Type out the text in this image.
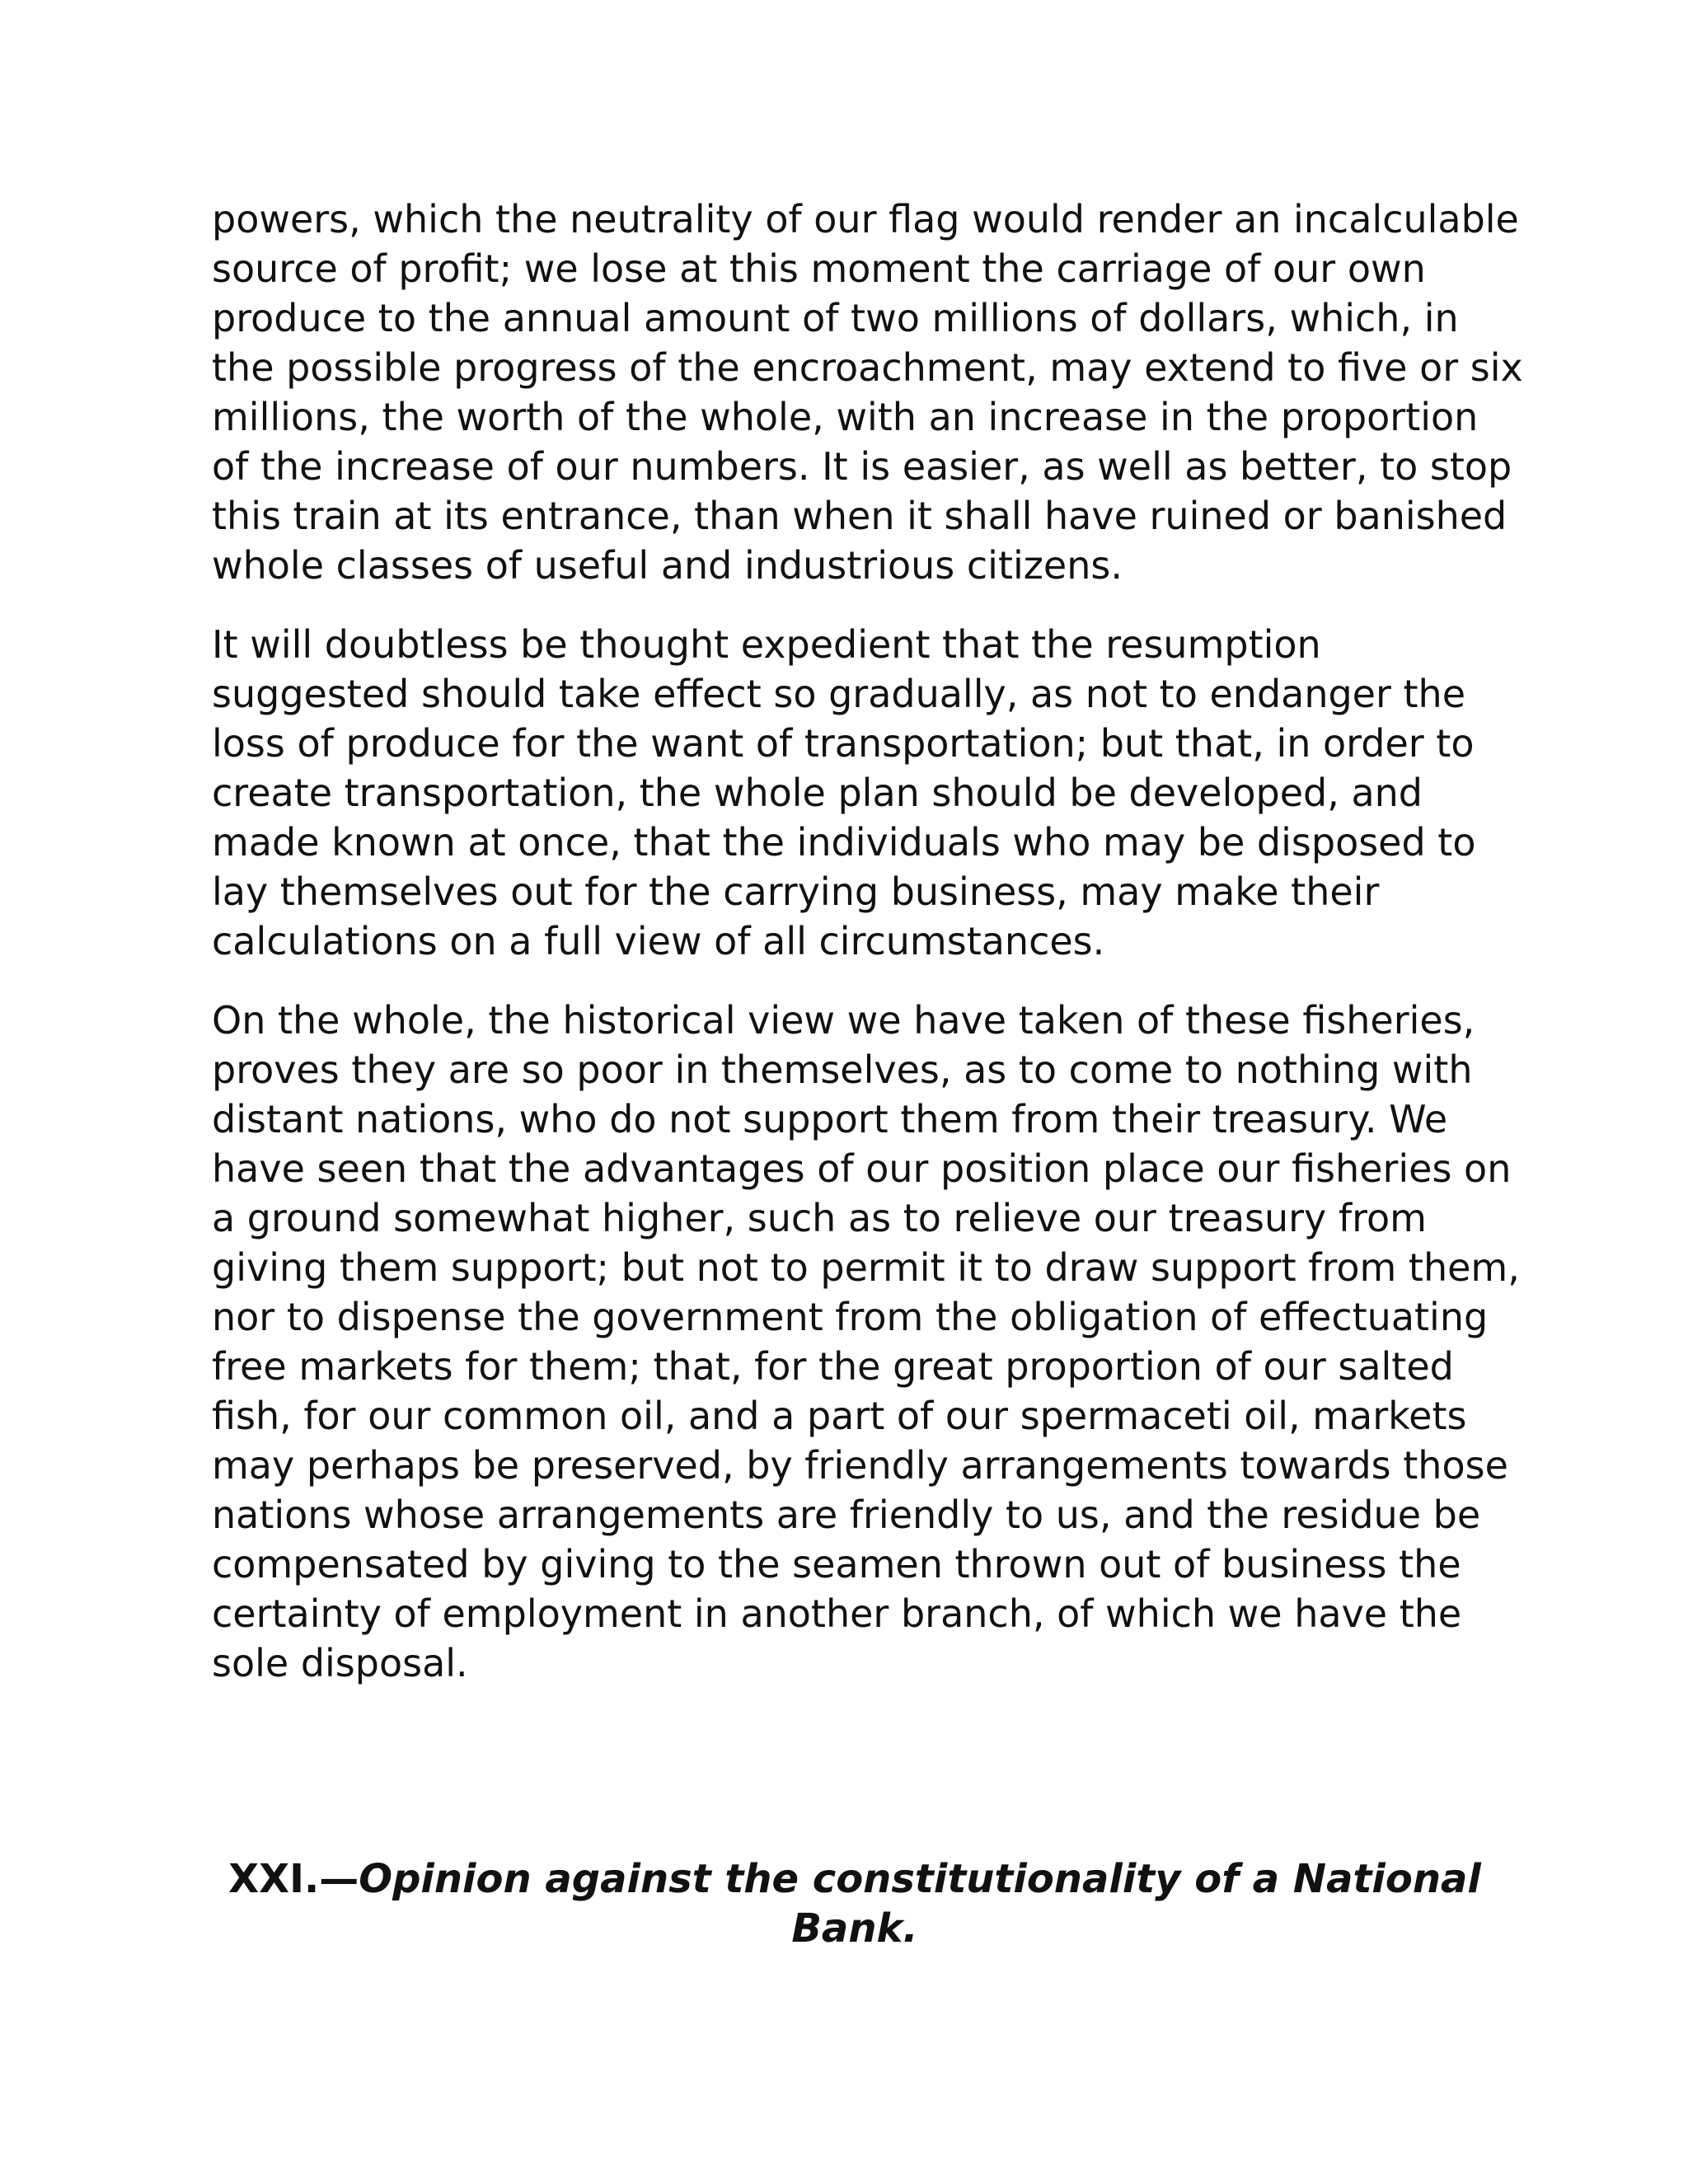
powers, which the neutrality of our flag would render an incalculable
source of profit; we lose at this moment the carriage of our own
produce to the annual amount of two millions of dollars, which, in
the possible progress of the encroachment, may extend to five or six
millions, the worth of the whole, with an increase in the proportion
of the increase of our numbers. It is easier, as well as better, to stop
this train at its entrance, than when it shall have ruined or banished
whole classes of useful and industrious citizens.

It will doubtless be thought expedient that the resumption
suggested should take effect so gradually, as not to endanger the
loss of produce for the want of transportation; but that, in order to
create transportation, the whole plan should be developed, and
made known at once, that the individuals who may be disposed to
lay themselves out for the carrying business, may make their
calculations on a full view of all circumstances.

On the whole, the historical view we have taken of these fisheries,
proves they are so poor in themselves, as to come to nothing with
distant nations, who do not support them from their treasury. We
have seen that the advantages of our position place our fisheries on
a ground somewhat higher, such as to relieve our treasury from
giving them support; but not to permit it to draw support from them,
nor to dispense the government from the obligation of effectuating
free markets for them; that, for the great proportion of our salted
fish, for our common oil, and a part of our spermaceti oil, markets
may perhaps be preserved, by friendly arrangements towards those
nations whose arrangements are friendly to us, and the residue be
compensated by giving to the seamen thrown out of business the
certainty of employment in another branch, of which we have the
sole disposal.

XXI.—Opinion against the constitutionality of a National
Bank.
